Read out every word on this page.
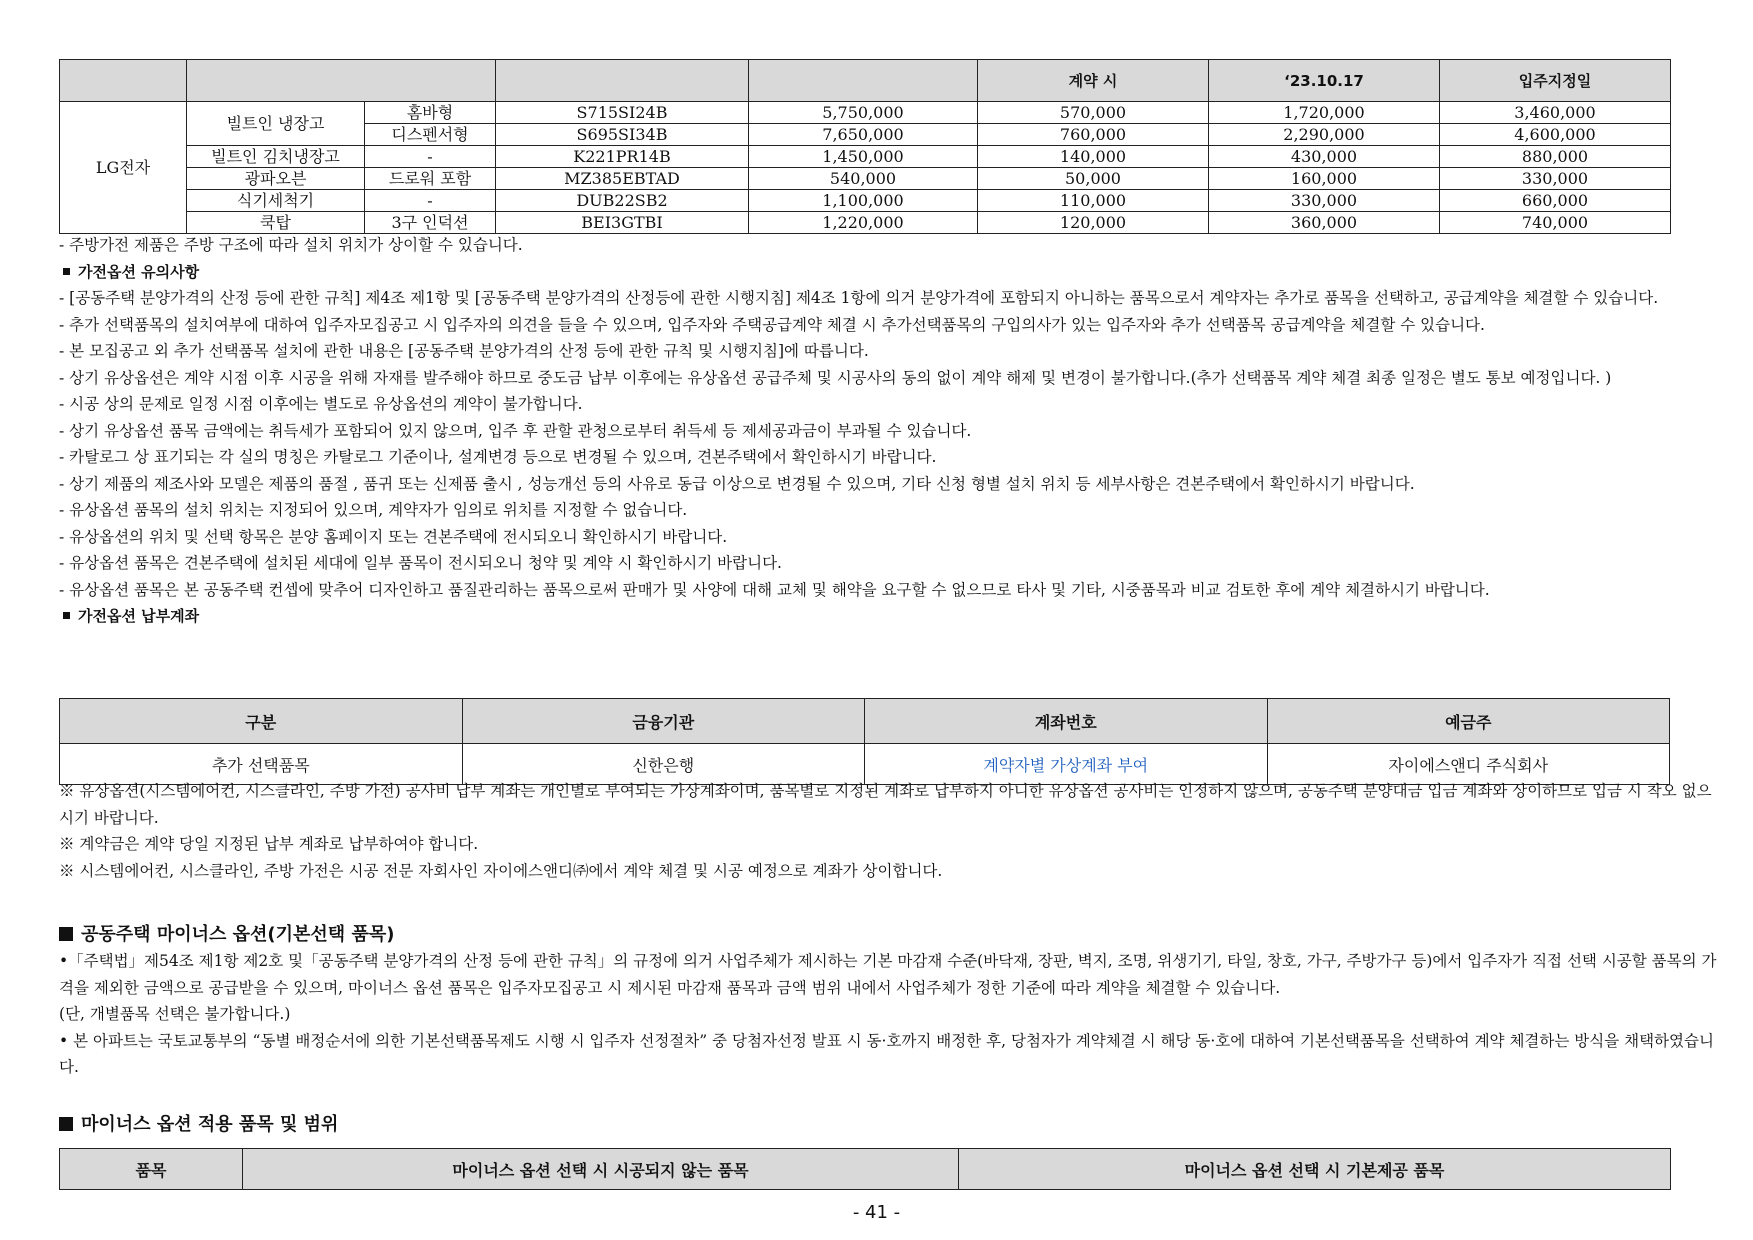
					계약 시	‘23.10.17	입주지정일
LG전자	빌트인 냉장고	홈바형	S715SI24B	5,750,000	570,000	1,720,000	3,460,000
		디스펜서형	S695SI34B	7,650,000	760,000	2,290,000	4,600,000
	빌트인 김치냉장고	-	K221PR14B	1,450,000	140,000	430,000	880,000
	광파오븐	드로워 포함	MZ385EBTAD	540,000	50,000	160,000	330,000
	식기세척기	-	DUB22SB2	1,100,000	110,000	330,000	660,000
	쿡탑	3구 인덕션	BEI3GTBI	1,220,000	120,000	360,000	740,000

- 주방가전 제품은 주방 구조에 따라 설치 위치가 상이할 수 있습니다.

가전옵션 유의사항

- [공동주택 분양가격의 산정 등에 관한 규칙] 제4조 제1항 및 [공동주택 분양가격의 산정등에 관한 시행지침] 제4조 1항에 의거 분양가격에 포함되지 아니하는 품목으로서 계약자는 추가로 품목을 선택하고, 공급계약을 체결할 수 있습니다.

- 추가 선택품목의 설치여부에 대하여 입주자모집공고 시 입주자의 의견을 들을 수 있으며, 입주자와 주택공급계약 체결 시 추가선택품목의 구입의사가 있는 입주자와 추가 선택품목 공급계약을 체결할 수 있습니다.

- 본 모집공고 외 추가 선택품목 설치에 관한 내용은 [공동주택 분양가격의 산정 등에 관한 규칙 및 시행지침]에 따릅니다.

- 상기 유상옵션은 계약 시점 이후 시공을 위해 자재를 발주해야 하므로 중도금 납부 이후에는 유상옵션 공급주체 및 시공사의 동의 없이 계약 해제 및 변경이 불가합니다.(추가 선택품목 계약 체결 최종 일정은 별도 통보 예정입니다. )

- 시공 상의 문제로 일정 시점 이후에는 별도로 유상옵션의 계약이 불가합니다.

- 상기 유상옵션 품목 금액에는 취득세가 포함되어 있지 않으며, 입주 후 관할 관청으로부터 취득세 등 제세공과금이 부과될 수 있습니다.

- 카탈로그 상 표기되는 각 실의 명칭은 카탈로그 기준이나, 설계변경 등으로 변경될 수 있으며, 견본주택에서 확인하시기 바랍니다.

- 상기 제품의 제조사와 모델은 제품의 품절 , 품귀 또는 신제품 출시 , 성능개선 등의 사유로 동급 이상으로 변경될 수 있으며, 기타 신청 형별 설치 위치 등 세부사항은 견본주택에서 확인하시기 바랍니다.

- 유상옵션 품목의 설치 위치는 지정되어 있으며, 계약자가 임의로 위치를 지정할 수 없습니다.

- 유상옵션의 위치 및 선택 항목은 분양 홈페이지 또는 견본주택에 전시되오니 확인하시기 바랍니다.

- 유상옵션 품목은 견본주택에 설치된 세대에 일부 품목이 전시되오니 청약 및 계약 시 확인하시기 바랍니다.

- 유상옵션 품목은 본 공동주택 컨셉에 맞추어 디자인하고 품질관리하는 품목으로써 판매가 및 사양에 대해 교체 및 해약을 요구할 수 없으므로 타사 및 기타, 시중품목과 비교 검토한 후에 계약 체결하시기 바랍니다.

가전옵션 납부계좌

구분	금융기관	계좌번호	예금주
추가 선택품목	신한은행	계약자별 가상계좌 부여	자이에스앤디 주식회사

※ 유상옵션(시스템에어컨, 시스클라인, 주방 가전) 공사비 납부 계좌는 개인별로 부여되는 가상계좌이며, 품목별로 지정된 계좌로 납부하지 아니한 유상옵션 공사비는 인정하지 않으며, 공동주택 분양대금 입금 계좌와 상이하므로 입금 시 착오 없으시기 바랍니다.

※ 계약금은 계약 당일 지정된 납부 계좌로 납부하여야 합니다.

※ 시스템에어컨, 시스클라인, 주방 가전은 시공 전문 자회사인 자이에스앤디㈜에서 계약 체결 및 시공 예정으로 계좌가 상이합니다.

공동주택 마이너스 옵션(기본선택 품목)

•「주택법」제54조 제1항 제2호 및「공동주택 분양가격의 산정 등에 관한 규칙」의 규정에 의거 사업주체가 제시하는 기본 마감재 수준(바닥재, 장판, 벽지, 조명, 위생기기, 타일, 창호, 가구, 주방가구 등)에서 입주자가 직접 선택 시공할 품목의 가격을 제외한 금액으로 공급받을 수 있으며, 마이너스 옵션 품목은 입주자모집공고 시 제시된 마감재 품목과 금액 범위 내에서 사업주체가 정한 기준에 따라 계약을 체결할 수 있습니다.

(단, 개별품목 선택은 불가합니다.)

• 본 아파트는 국토교통부의 “동별 배정순서에 의한 기본선택품목제도 시행 시 입주자 선정절차” 중 당첨자선정 발표 시 동·호까지 배정한 후, 당첨자가 계약체결 시 해당 동·호에 대하여 기본선택품목을 선택하여 계약 체결하는 방식을 채택하였습니다.

마이너스 옵션 적용 품목 및 범위
품목	마이너스 옵션 선택 시 시공되지 않는 품목	마이너스 옵션 선택 시 기본제공 품목
- 41 -
